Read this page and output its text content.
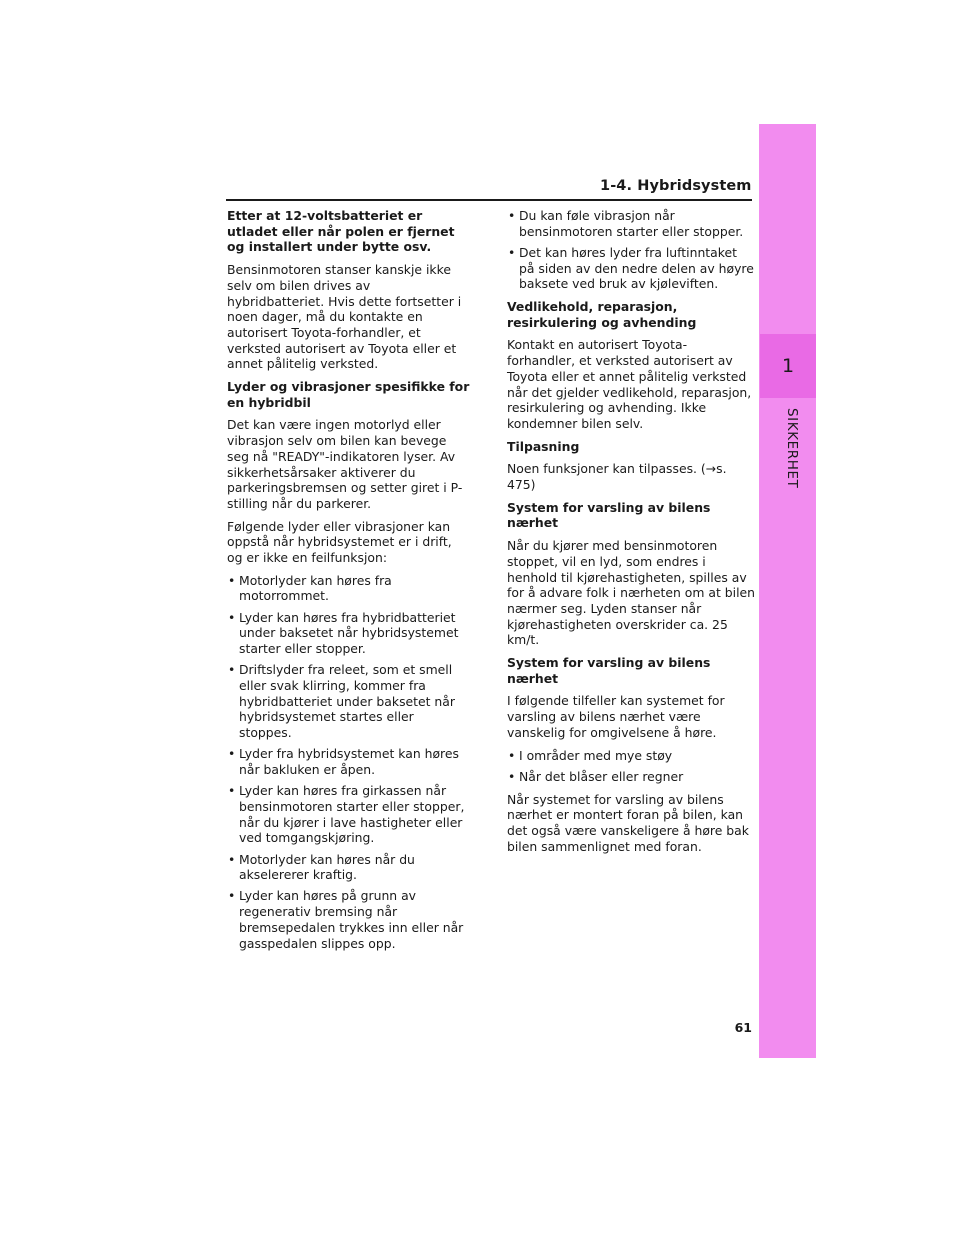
1-4. Hybridsystem
1
SIKKERHET
Etter at 12-voltsbatteriet er utladet eller når polen er fjernet og installert under bytte osv.

Bensinmotoren stanser kanskje ikke selv om bilen drives av hybridbatteriet. Hvis dette fortsetter i noen dager, må du kontakte en autorisert Toyota-forhandler, et verksted autorisert av Toyota eller et annet pålitelig verksted.

Lyder og vibrasjoner spesifikke for en hybridbil

Det kan være ingen motorlyd eller vibrasjon selv om bilen kan bevege seg nå "READY"-indikatoren lyser. Av sikkerhetsårsaker aktiverer du parkeringsbremsen og setter giret i P-stilling når du parkerer.

Følgende lyder eller vibrasjoner kan oppstå når hybridsystemet er i drift, og er ikke en feilfunksjon:

• Motorlyder kan høres fra motorrommet.
• Lyder kan høres fra hybridbatteriet under baksetet når hybridsystemet starter eller stopper.
• Driftslyder fra releet, som et smell eller svak klirring, kommer fra hybridbatteriet under baksetet når hybridsystemet startes eller stoppes.
• Lyder fra hybridsystemet kan høres når bakluken er åpen.
• Lyder kan høres fra girkassen når bensinmotoren starter eller stopper, når du kjører i lave hastigheter eller ved tomgangskjøring.
• Motorlyder kan høres når du akselererer kraftig.
• Lyder kan høres på grunn av regenerativ bremsing når bremsepedalen trykkes inn eller når gasspedalen slippes opp.
• Du kan føle vibrasjon når bensinmotoren starter eller stopper.
• Det kan høres lyder fra luftinntaket på siden av den nedre delen av høyre baksete ved bruk av kjøleviften.
Vedlikehold, reparasjon, resirkulering og avhending

Kontakt en autorisert Toyota-forhandler, et verksted autorisert av Toyota eller et annet pålitelig verksted når det gjelder vedlikehold, reparasjon, resirkulering og avhending. Ikke kondemner bilen selv.

Tilpasning

Noen funksjoner kan tilpasses. (→s. 475)

System for varsling av bilens nærhet

Når du kjører med bensinmotoren stoppet, vil en lyd, som endres i henhold til kjørehastigheten, spilles av for å advare folk i nærheten om at bilen nærmer seg. Lyden stanser når kjørehastigheten overskrider ca. 25 km/t.

System for varsling av bilens nærhet

I følgende tilfeller kan systemet for varsling av bilens nærhet være vanskelig for omgivelsene å høre.

• I områder med mye støy
• Når det blåser eller regner

Når systemet for varsling av bilens nærhet er montert foran på bilen, kan det også være vanskeligere å høre bak bilen sammenlignet med foran.

61
